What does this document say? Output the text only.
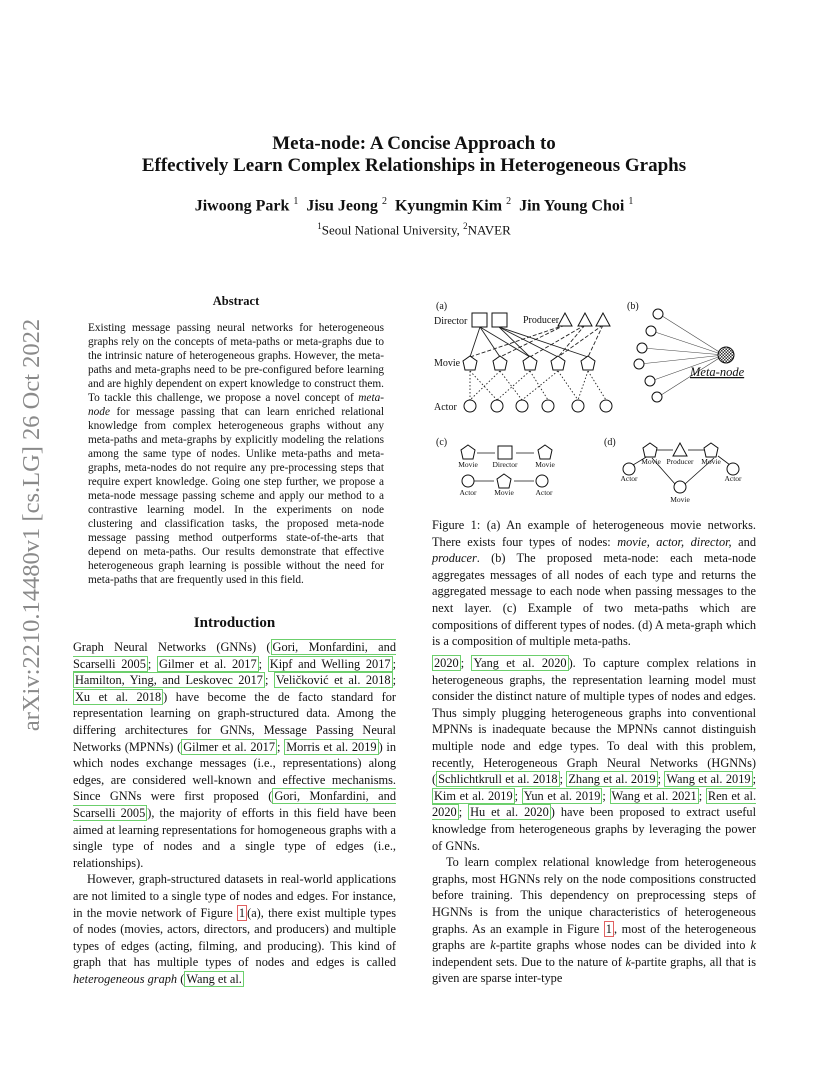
arXiv:2210.14480v1 [cs.LG] 26 Oct 2022
Meta-node: A Concise Approach to
Effectively Learn Complex Relationships in Heterogeneous Graphs
Jiwoong Park $^1$ Jisu Jeong $^2$ Kyungmin Kim $^2$ Jin Young Choi $^1$
$^1$Seoul National University, $^2$NAVER
Abstract
Existing message passing neural networks for heterogeneous graphs rely on the concepts of meta-paths or meta-graphs due to the intrinsic nature of heterogeneous graphs. However, the meta-paths and meta-graphs need to be pre-configured before learning and are highly dependent on expert knowledge to construct them. To tackle this challenge, we propose a novel concept of meta-node for message passing that can learn enriched relational knowledge from complex heterogeneous graphs without any meta-paths and meta-graphs by explicitly modeling the relations among the same type of nodes. Unlike meta-paths and meta-graphs, meta-nodes do not require any pre-processing steps that require expert knowledge. Going one step further, we propose a meta-node message passing scheme and apply our method to a contrastive learning model. In the experiments on node clustering and classification tasks, the proposed meta-node message passing method outperforms state-of-the-arts that depend on meta-paths. Our results demonstrate that effective heterogeneous graph learning is possible without the need for meta-paths that are frequently used in this field.
Introduction

Graph Neural Networks (GNNs) ( Gori, Monfardini, and Scarselli 2005 ; Gilmer et al. 2017 ; Kipf and Welling 2017 ; Hamilton, Ying, and Leskovec 2017 ; Veličković et al. 2018 ; Xu et al. 2018 ) have become the de facto standard for representation learning on graph-structured data. Among the differing architectures for GNNs, Message Passing Neural Networks (MPNNs) ( Gilmer et al. 2017 ; Morris et al. 2019 ) in which nodes exchange messages (i.e., representations) along edges, are considered well-known and effective mechanisms. Since GNNs were first proposed ( Gori, Monfardini, and Scarselli 2005 ), the majority of efforts in this field have been aimed at learning representations for homogeneous graphs with a single type of nodes and a single type of edges (i.e., relationships).

However, graph-structured datasets in real-world applications are not limited to a single type of nodes and edges. For instance, in the movie network of Figure 1 (a), there exist multiple types of nodes (movies, actors, directors, and producers) and multiple types of edges (acting, filming, and producing). This kind of graph that has multiple types of nodes and edges is called heterogeneous graph ( Wang et al.

(a)	(b)
(c)	(d)
Director	Producer
Movie
Actor
Meta-node
Movie Director Movie
Actor Movie	Actor
Movie Producer Movie
Actor	Actor
Movie
Figure 1: (a) An example of heterogeneous movie networks. There exists four types of nodes: movie, actor, director, and producer. (b) The proposed meta-node: each meta-node aggregates messages of all nodes of each type and returns the aggregated message to each node when passing messages to the next layer. (c) Example of two meta-paths which are compositions of different types of nodes. (d) A meta-graph which is a composition of multiple meta-paths.

2020 ; Yang et al. 2020 ). To capture complex relations in heterogeneous graphs, the representation learning model must consider the distinct nature of multiple types of nodes and edges. Thus simply plugging heterogeneous graphs into conventional MPNNs is inadequate because the MPNNs cannot distinguish multiple node and edge types. To deal with this problem, recently, Heterogeneous Graph Neural Networks (HGNNs) ( Schlichtkrull et al. 2018 ; Zhang et al. 2019 ; Wang et al. 2019 ; Kim et al. 2019 ; Yun et al. 2019 ; Wang et al. 2021 ; Ren et al. 2020 ; Hu et al. 2020 ) have been proposed to extract useful knowledge from heterogeneous graphs by leveraging the power of GNNs.

To learn complex relational knowledge from heterogeneous graphs, most HGNNs rely on the node compositions constructed before training. This dependency on preprocessing steps of HGNNs is from the unique characteristics of heterogeneous graphs. As an example in Figure 1 , most of the heterogeneous graphs are k-partite graphs whose nodes can be divided into k independent sets. Due to the nature of k-partite graphs, all that is given are sparse inter-type
